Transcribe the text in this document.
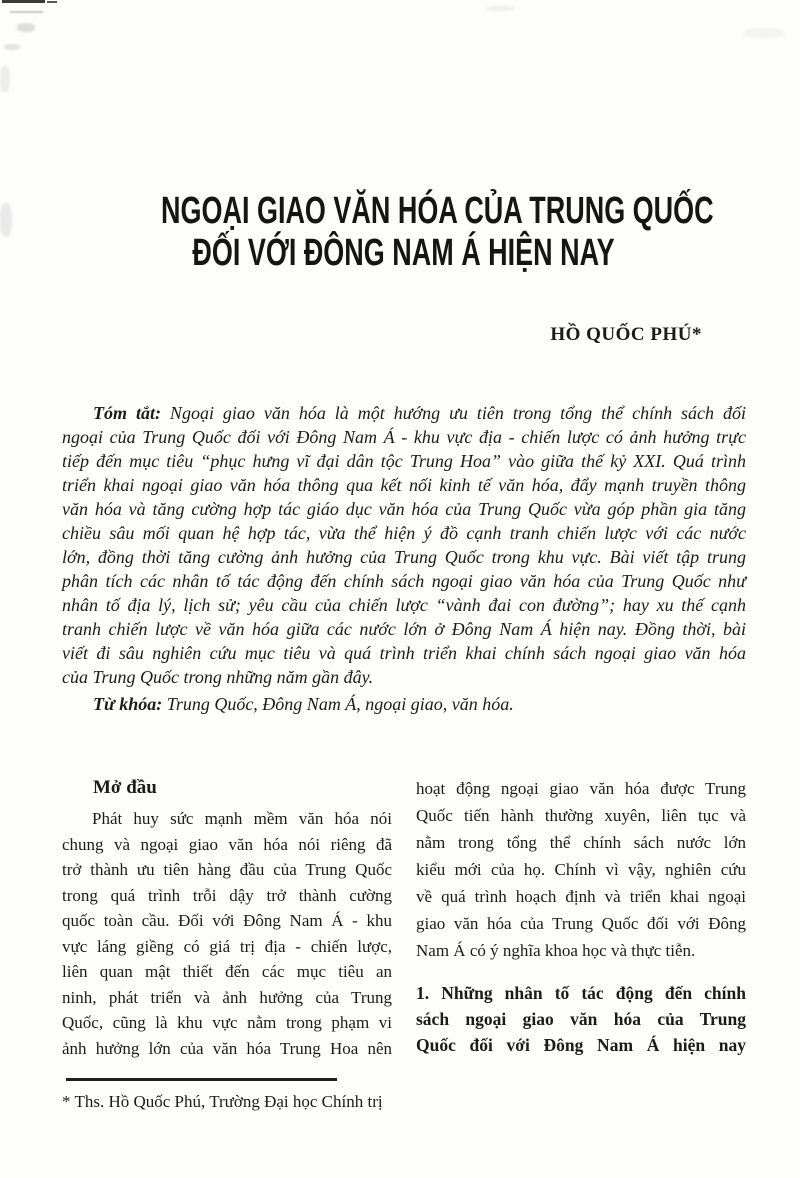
NGOẠI GIAO VĂN HÓA CỦA TRUNG QUỐC
ĐỐI VỚI ĐÔNG NAM Á HIỆN NAY
HỒ QUỐC PHÚ*
Tóm tắt: Ngoại giao văn hóa là một hướng ưu tiên trong tổng thể chính sách đối
ngoại của Trung Quốc đối với Đông Nam Á - khu vực địa - chiến lược có ảnh hưởng trực
tiếp đến mục tiêu “phục hưng vĩ đại dân tộc Trung Hoa” vào giữa thế kỷ XXI. Quá trình
triển khai ngoại giao văn hóa thông qua kết nối kinh tế văn hóa, đẩy mạnh truyền thông
văn hóa và tăng cường hợp tác giáo dục văn hóa của Trung Quốc vừa góp phần gia tăng
chiều sâu mối quan hệ hợp tác, vừa thể hiện ý đồ cạnh tranh chiến lược với các nước
lớn, đồng thời tăng cường ảnh hưởng của Trung Quốc trong khu vực. Bài viết tập trung
phân tích các nhân tố tác động đến chính sách ngoại giao văn hóa của Trung Quốc như
nhân tố địa lý, lịch sử; yêu cầu của chiến lược “vành đai con đường”; hay xu thế cạnh
tranh chiến lược về văn hóa giữa các nước lớn ở Đông Nam Á hiện nay. Đồng thời, bài
viết đi sâu nghiên cứu mục tiêu và quá trình triển khai chính sách ngoại giao văn hóa
của Trung Quốc trong những năm gần đây.
Từ khóa: Trung Quốc, Đông Nam Á, ngoại giao, văn hóa.
Mở đầu
Phát huy sức mạnh mềm văn hóa nói
chung và ngoại giao văn hóa nói riêng đã
trở thành ưu tiên hàng đầu của Trung Quốc
trong quá trình trỗi dậy trở thành cường
quốc toàn cầu. Đối với Đông Nam Á - khu
vực láng giềng có giá trị địa - chiến lược,
liên quan mật thiết đến các mục tiêu an
ninh, phát triển và ảnh hưởng của Trung
Quốc, cũng là khu vực nằm trong phạm vi
ảnh hưởng lớn của văn hóa Trung Hoa nên
hoạt động ngoại giao văn hóa được Trung
Quốc tiến hành thường xuyên, liên tục và
nằm trong tổng thể chính sách nước lớn
kiểu mới của họ. Chính vì vậy, nghiên cứu
về quá trình hoạch định và triển khai ngoại
giao văn hóa của Trung Quốc đối với Đông
Nam Á có ý nghĩa khoa học và thực tiễn.
1. Những nhân tố tác động đến chính
sách ngoại giao văn hóa của Trung
Quốc đối với Đông Nam Á hiện nay
* Ths. Hồ Quốc Phú, Trường Đại học Chính trị
